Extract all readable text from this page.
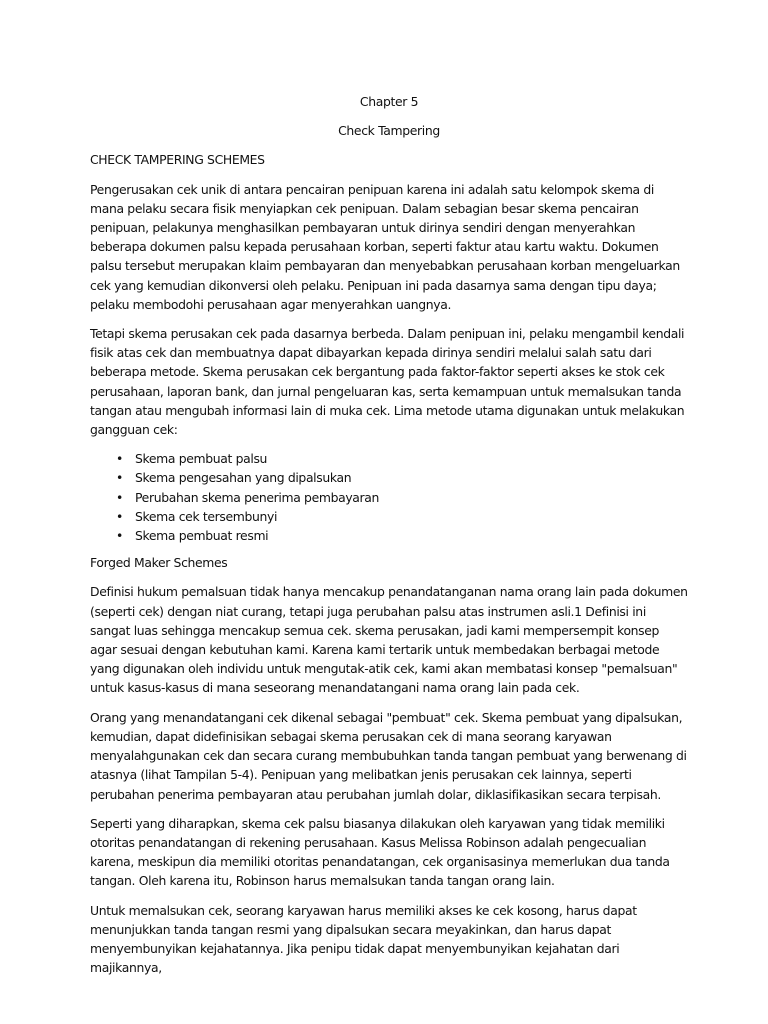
Chapter 5

Check Tampering

CHECK TAMPERING SCHEMES

Pengerusakan cek unik di antara pencairan penipuan karena ini adalah satu kelompok skema di mana pelaku secara fisik menyiapkan cek penipuan. Dalam sebagian besar skema pencairan penipuan, pelakunya menghasilkan pembayaran untuk dirinya sendiri dengan menyerahkan beberapa dokumen palsu kepada perusahaan korban, seperti faktur atau kartu waktu. Dokumen palsu tersebut merupakan klaim pembayaran dan menyebabkan perusahaan korban mengeluarkan cek yang kemudian dikonversi oleh pelaku. Penipuan ini pada dasarnya sama dengan tipu daya; pelaku membodohi perusahaan agar menyerahkan uangnya.

Tetapi skema perusakan cek pada dasarnya berbeda. Dalam penipuan ini, pelaku mengambil kendali fisik atas cek dan membuatnya dapat dibayarkan kepada dirinya sendiri melalui salah satu dari beberapa metode. Skema perusakan cek bergantung pada faktor-faktor seperti akses ke stok cek perusahaan, laporan bank, dan jurnal pengeluaran kas, serta kemampuan untuk memalsukan tanda tangan atau mengubah informasi lain di muka cek. Lima metode utama digunakan untuk melakukan gangguan cek:

• Skema pembuat palsu
• Skema pengesahan yang dipalsukan
• Perubahan skema penerima pembayaran
• Skema cek tersembunyi
• Skema pembuat resmi

Forged Maker Schemes

Definisi hukum pemalsuan tidak hanya mencakup penandatanganan nama orang lain pada dokumen (seperti cek) dengan niat curang, tetapi juga perubahan palsu atas instrumen asli.1 Definisi ini sangat luas sehingga mencakup semua cek. skema perusakan, jadi kami mempersempit konsep agar sesuai dengan kebutuhan kami. Karena kami tertarik untuk membedakan berbagai metode yang digunakan oleh individu untuk mengutak-atik cek, kami akan membatasi konsep "pemalsuan" untuk kasus-kasus di mana seseorang menandatangani nama orang lain pada cek.

Orang yang menandatangani cek dikenal sebagai "pembuat" cek. Skema pembuat yang dipalsukan, kemudian, dapat didefinisikan sebagai skema perusakan cek di mana seorang karyawan menyalahgunakan cek dan secara curang membubuhkan tanda tangan pembuat yang berwenang di atasnya (lihat Tampilan 5-4). Penipuan yang melibatkan jenis perusakan cek lainnya, seperti perubahan penerima pembayaran atau perubahan jumlah dolar, diklasifikasikan secara terpisah.

Seperti yang diharapkan, skema cek palsu biasanya dilakukan oleh karyawan yang tidak memiliki otoritas penandatangan di rekening perusahaan. Kasus Melissa Robinson adalah pengecualian karena, meskipun dia memiliki otoritas penandatangan, cek organisasinya memerlukan dua tanda tangan. Oleh karena itu, Robinson harus memalsukan tanda tangan orang lain.

Untuk memalsukan cek, seorang karyawan harus memiliki akses ke cek kosong, harus dapat menunjukkan tanda tangan resmi yang dipalsukan secara meyakinkan, dan harus dapat menyembunyikan kejahatannya. Jika penipu tidak dapat menyembunyikan kejahatan dari majikannya,
